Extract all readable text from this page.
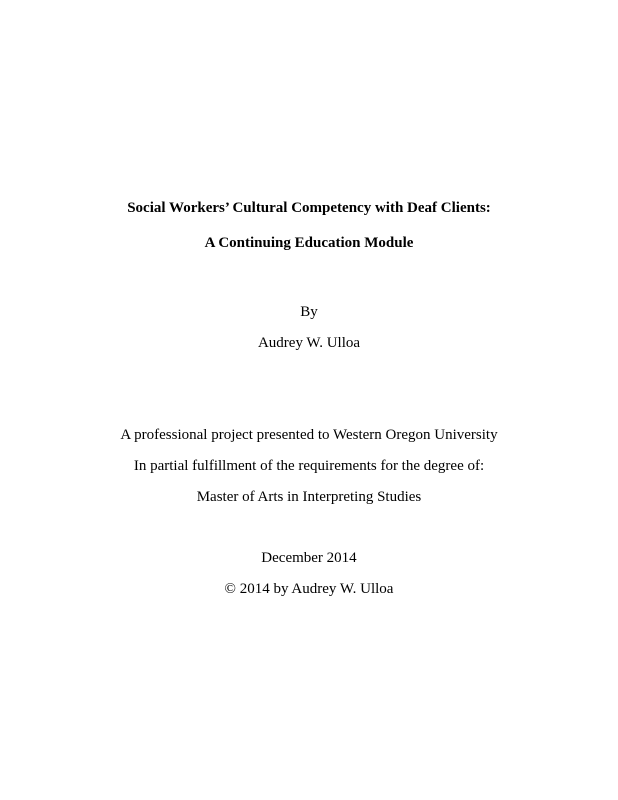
Social Workers’ Cultural Competency with Deaf Clients:
A Continuing Education Module
By
Audrey W. Ulloa
A professional project presented to Western Oregon University
In partial fulfillment of the requirements for the degree of:
Master of Arts in Interpreting Studies
December 2014
© 2014 by Audrey W. Ulloa
